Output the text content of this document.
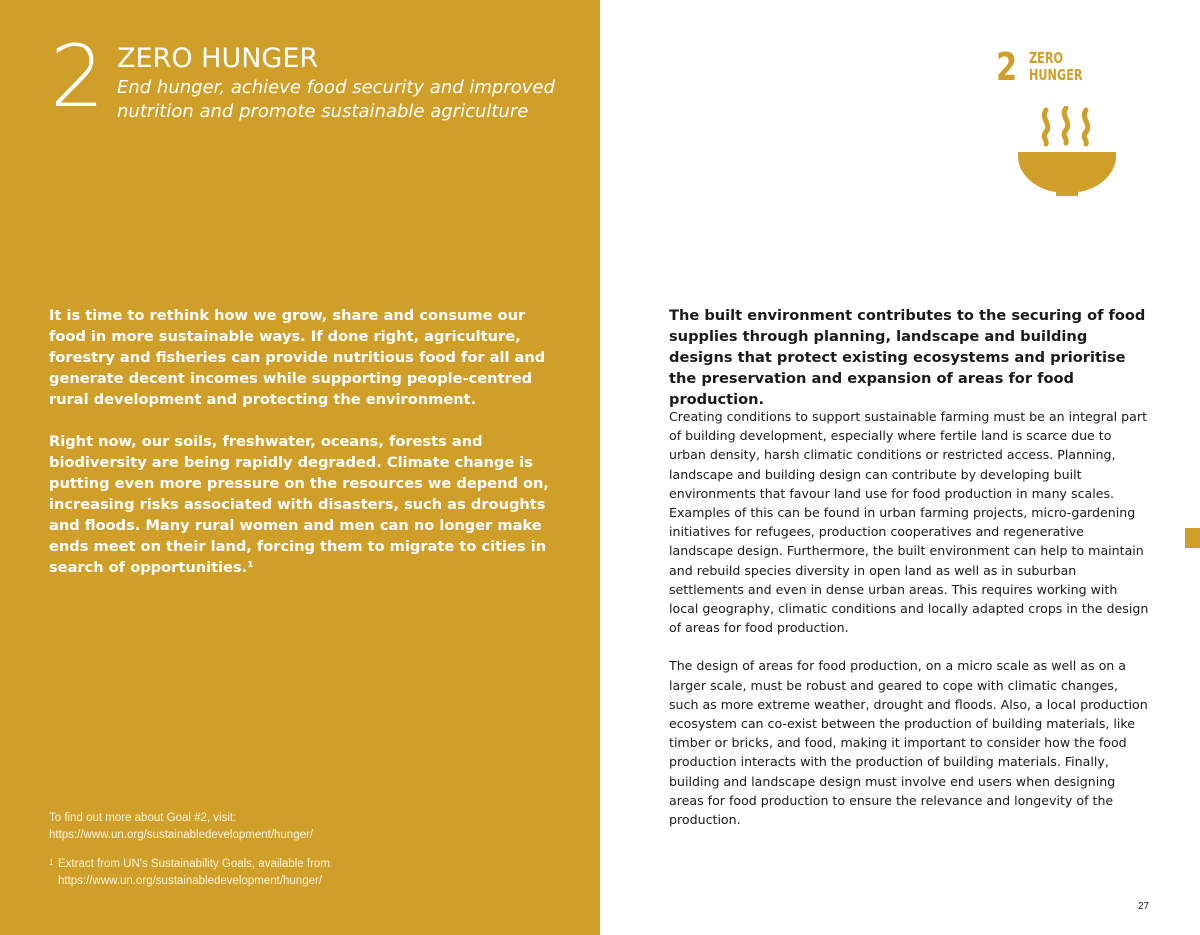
2 ZERO HUNGER
End hunger, achieve food security and improved nutrition and promote sustainable agriculture

It is time to rethink how we grow, share and consume our food in more sustainable ways. If done right, agriculture, forestry and fisheries can provide nutritious food for all and generate decent incomes while supporting people-centred rural development and protecting the environment.

Right now, our soils, freshwater, oceans, forests and biodiversity are being rapidly degraded. Climate change is putting even more pressure on the resources we depend on, increasing risks associated with disasters, such as droughts and floods. Many rural women and men can no longer make ends meet on their land, forcing them to migrate to cities in search of opportunities.¹

To find out more about Goal #2, visit:
https://www.un.org/sustainabledevelopment/hunger/
1 Extract from UN's Sustainability Goals, available from
https://www.un.org/sustainabledevelopment/hunger/
2 ZERO
HUNGER
The built environment contributes to the securing of food supplies through planning, landscape and building designs that protect existing ecosystems and prioritise the preservation and expansion of areas for food production.

Creating conditions to support sustainable farming must be an integral part of building development, especially where fertile land is scarce due to urban density, harsh climatic conditions or restricted access. Planning, landscape and building design can contribute by developing built environments that favour land use for food production in many scales. Examples of this can be found in urban farming projects, micro-gardening initiatives for refugees, production cooperatives and regenerative landscape design. Furthermore, the built environment can help to maintain and rebuild species diversity in open land as well as in suburban settlements and even in dense urban areas. This requires working with local geography, climatic conditions and locally adapted crops in the design of areas for food production.

The design of areas for food production, on a micro scale as well as on a larger scale, must be robust and geared to cope with climatic changes, such as more extreme weather, drought and floods. Also, a local production ecosystem can co-exist between the production of building materials, like timber or bricks, and food, making it important to consider how the food production interacts with the production of building materials. Finally, building and landscape design must involve end users when designing areas for food production to ensure the relevance and longevity of the production.

27
